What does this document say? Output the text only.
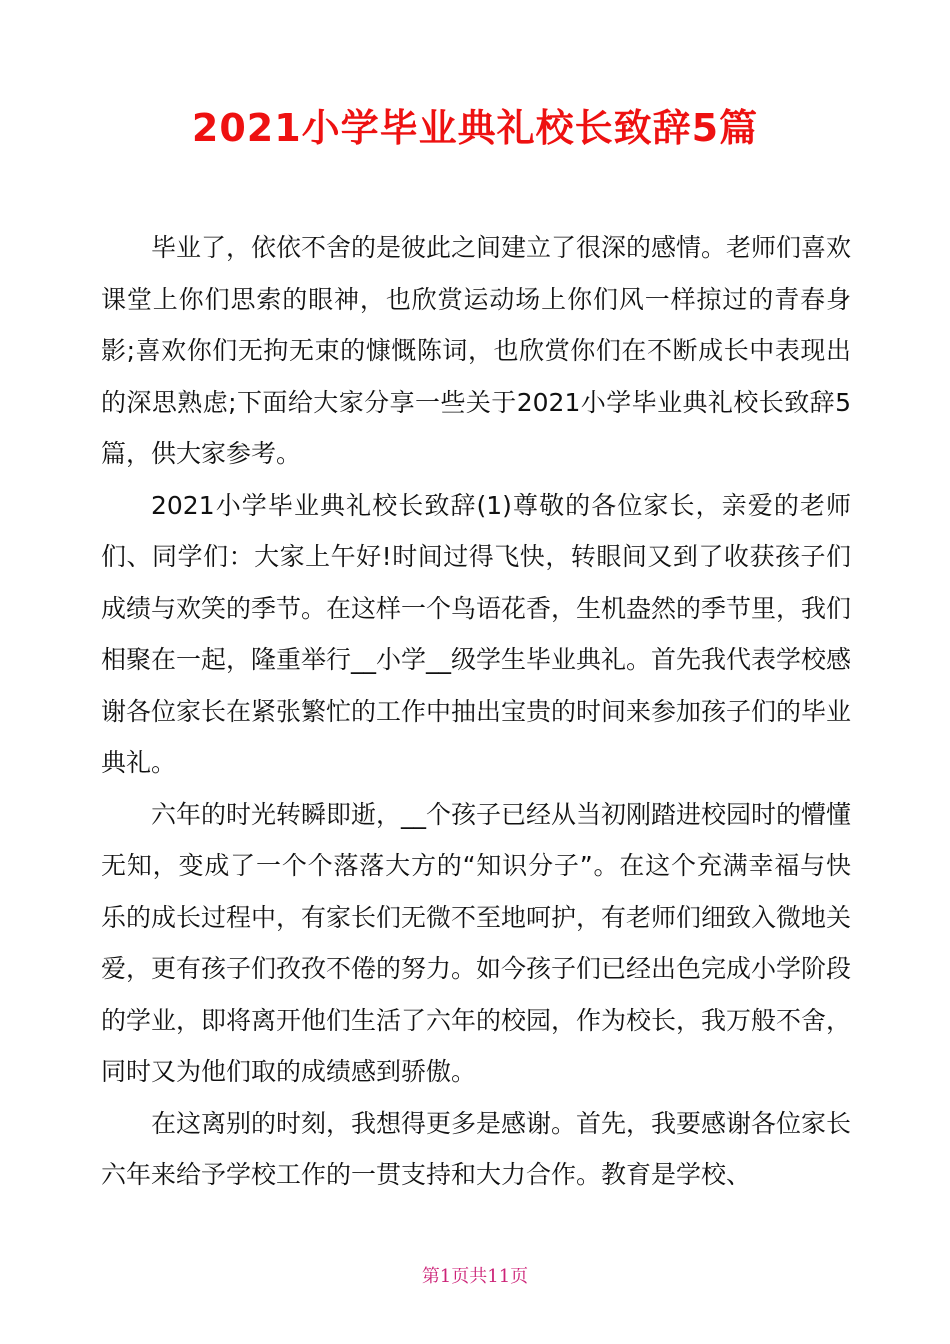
2021小学毕业典礼校长致辞5篇

毕业了，依依不舍的是彼此之间建立了很深的感情。老师们喜欢课堂上你们思索的眼神，也欣赏运动场上你们风一样掠过的青春身影;喜欢你们无拘无束的慷慨陈词，也欣赏你们在不断成长中表现出的深思熟虑;下面给大家分享一些关于2021小学毕业典礼校长致辞5篇，供大家参考。

2021小学毕业典礼校长致辞(1)尊敬的各位家长，亲爱的老师们、同学们：大家上午好!时间过得飞快，转眼间又到了收获孩子们成绩与欢笑的季节。在这样一个鸟语花香，生机盎然的季节里，我们相聚在一起，隆重举行__小学__级学生毕业典礼。首先我代表学校感谢各位家长在紧张繁忙的工作中抽出宝贵的时间来参加孩子们的毕业典礼。

六年的时光转瞬即逝，__个孩子已经从当初刚踏进校园时的懵懂无知，变成了一个个落落大方的“知识分子”。在这个充满幸福与快乐的成长过程中，有家长们无微不至地呵护，有老师们细致入微地关爱，更有孩子们孜孜不倦的努力。如今孩子们已经出色完成小学阶段的学业，即将离开他们生活了六年的校园，作为校长，我万般不舍，同时又为他们取的成绩感到骄傲。

在这离别的时刻，我想得更多是感谢。首先，我要感谢各位家长六年来给予学校工作的一贯支持和大力合作。教育是学校、

第1页共11页
